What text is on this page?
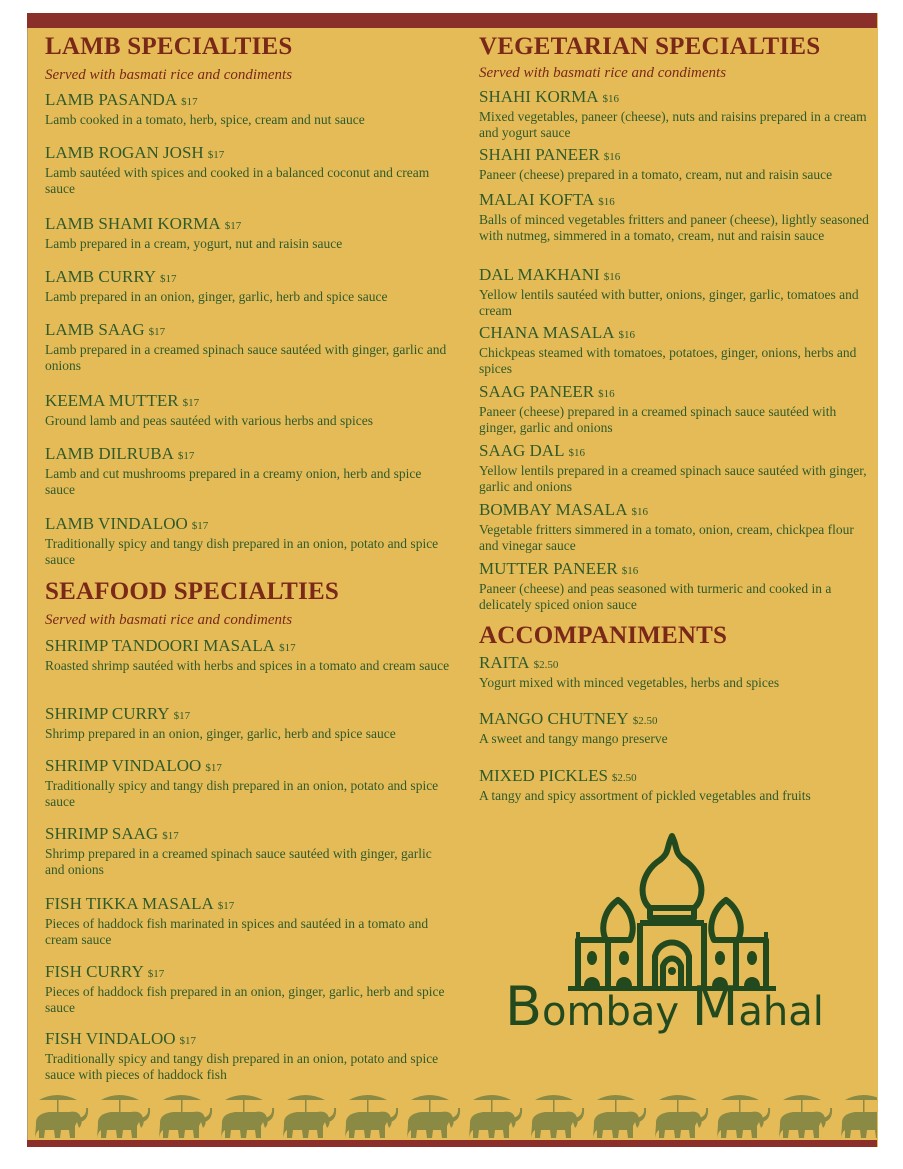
LAMB SPECIALTIES
Served with basmati rice and condiments
LAMB PASANDA $17
Lamb cooked in a tomato, herb, spice, cream and nut sauce
LAMB ROGAN JOSH $17
Lamb sautéed with spices and cooked in a balanced coconut and cream sauce
LAMB SHAMI KORMA $17
Lamb prepared in a cream, yogurt, nut and raisin sauce
LAMB CURRY $17
Lamb prepared in an onion, ginger, garlic, herb and spice sauce
LAMB SAAG $17
Lamb prepared in a creamed spinach sauce sautéed with ginger, garlic and onions
KEEMA MUTTER $17
Ground lamb and peas sautéed with various herbs and spices
LAMB DILRUBA $17
Lamb and cut mushrooms prepared in a creamy onion, herb and spice sauce
LAMB VINDALOO $17
Traditionally spicy and tangy dish prepared in an onion, potato and spice sauce
SEAFOOD SPECIALTIES
Served with basmati rice and condiments
SHRIMP TANDOORI MASALA $17
Roasted shrimp sautéed with herbs and spices in a tomato and cream sauce
SHRIMP CURRY $17
Shrimp prepared in an onion, ginger, garlic, herb and spice sauce
SHRIMP VINDALOO $17
Traditionally spicy and tangy dish prepared in an onion, potato and spice sauce
SHRIMP SAAG $17
Shrimp prepared in a creamed spinach sauce sautéed with ginger, garlic and onions
FISH TIKKA MASALA $17
Pieces of haddock fish marinated in spices and sautéed in a tomato and cream sauce
FISH CURRY $17
Pieces of haddock fish prepared in an onion, ginger, garlic, herb and spice sauce
FISH VINDALOO $17
Traditionally spicy and tangy dish prepared in an onion, potato and spice sauce with pieces of haddock fish
VEGETARIAN SPECIALTIES
Served with basmati rice and condiments
SHAHI KORMA $16
Mixed vegetables, paneer (cheese), nuts and raisins prepared in a cream and yogurt sauce
SHAHI PANEER $16
Paneer (cheese) prepared in a tomato, cream, nut and raisin sauce
MALAI KOFTA $16
Balls of minced vegetables fritters and paneer (cheese), lightly seasoned with nutmeg, simmered in a tomato, cream, nut and raisin sauce
DAL MAKHANI $16
Yellow lentils sautéed with butter, onions, ginger, garlic, tomatoes and cream
CHANA MASALA $16
Chickpeas steamed with tomatoes, potatoes, ginger, onions, herbs and spices
SAAG PANEER $16
Paneer (cheese) prepared in a creamed spinach sauce sautéed with ginger, garlic and onions
SAAG DAL $16
Yellow lentils prepared in a creamed spinach sauce sautéed with ginger, garlic and onions
BOMBAY MASALA $16
Vegetable fritters simmered in a tomato, onion, cream, chickpea flour and vinegar sauce
MUTTER PANEER $16
Paneer (cheese) and peas seasoned with turmeric and cooked in a delicately spiced onion sauce
ACCOMPANIMENTS
RAITA $2.50
Yogurt mixed with minced vegetables, herbs and spices
MANGO CHUTNEY $2.50
A sweet and tangy mango preserve
MIXED PICKLES $2.50
A tangy and spicy assortment of pickled vegetables and fruits
Bombay Mahal
